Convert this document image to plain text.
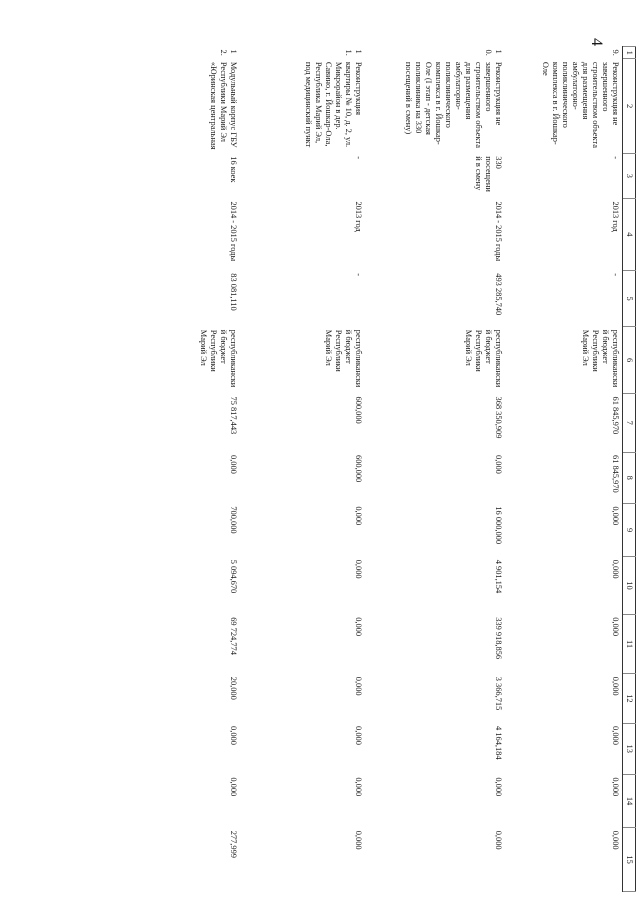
4
1	2	3	4	5	6	7	8	9	10	11	12	13	14	15
9.	Реконструкция не завершенного строительством объекта для размещения амбулаторно-поликлинического комплекса в г. Йошкар-Оле	-	2013 год	-	республиканский бюджет Республики Марий Эл	61 845,970	61 845,970	0,000	0,000	0,000	0,000	0,000	0,000	0,000
10.	Реконструкция не завершенного строительством объекта для размещения амбулаторно-поликлинического комплекса в г. Йошкар-Оле (I этап - детская поликлиника на 330 посещений в смену)	330 посещений в смену	2014 - 2015 годы	493 285,740	республиканский бюджет Республики Марий Эл	368 350,909	0,000	16 000,000	4 901,154	339 918,856	3 366,715	4 164,184	0,000	0,000
11.	Реконструкция квартиры № 10, д. 2, ул. Микрорайон в дер. Савино, г. Йошкар-Ола, Республика Марий Эл, под медицинский пункт	-	2013 год	-	республиканский бюджет Республики Марий Эл	600,000	600,000	0,000	0,000	0,000	0,000	0,000	0,000	0,000
12.	Модульный корпус ГБУ Республики Марий Эл «Юринская центральная	16 коек	2014 - 2015 годы	83 081,110	республиканский бюджет Республики Марий Эл	75 817,443	0,000	700,000	5 094,670	69 724,774	20,000	0,000	0,000	277,999
